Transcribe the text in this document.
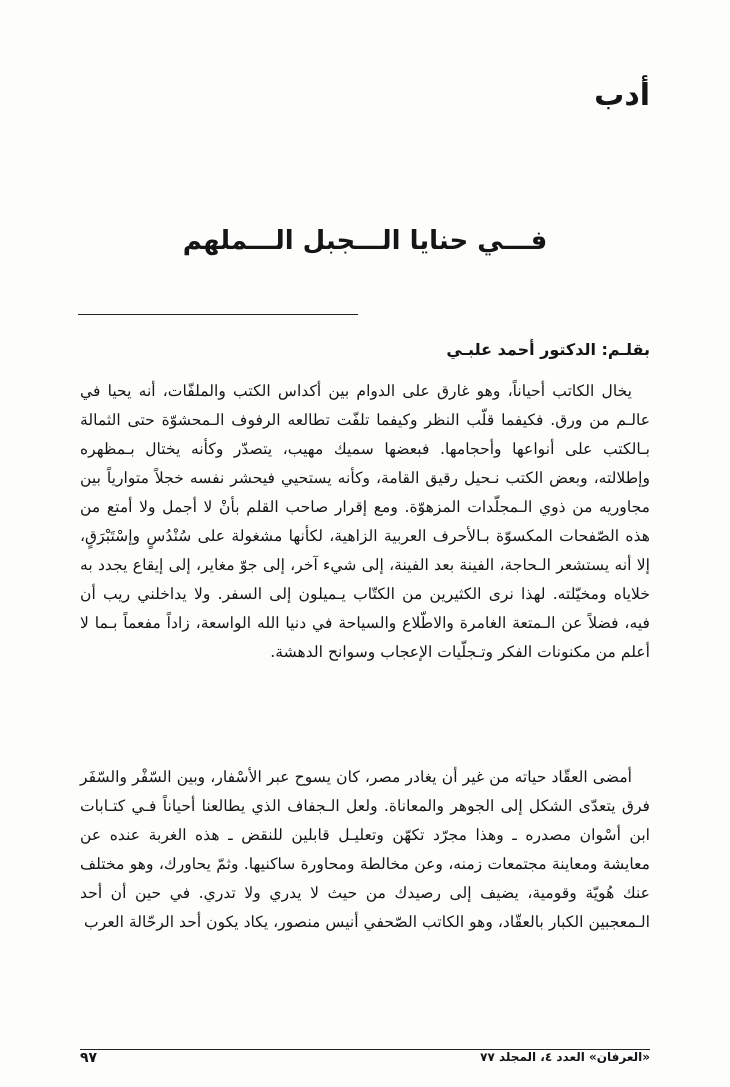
أدب
فـــي حنايا الـــجبل الـــملهم
بقلـم: الدكتور أحمد علبـي

يخال الكاتب أحياناً، وهو غارق على الدوام بين أكداس الكتب والملفّات، أنه يحيا في عالـم من ورق. فكيفما قلّب النظر وكيفما تلفّت تطالعه الرفوف الـمحشوّة حتى الثمالة بـالكتب على أنواعها وأحجامها. فبعضها سميك مهيب، يتصدّر وكأنه يختال بـمظهره وإطلالته، وبعض الكتب نـحيل رقيق القامة، وكأنه يستحيي فيحشر نفسه خجلاً متوارياً بين مجاوريه من ذوي الـمجلّدات المزهوّة. ومع إقرار صاحب القلم بأنْ لا أجمل ولا أمتع من هذه الصّفحات المكسوّة بـالأحرف العربية الزاهية، لكأنها مشغولة على سُنْدُسٍ وإسْتَبْرَقٍ، إلا أنه يستشعر الـحاجة، الفينة بعد الفينة، إلى شيء آخر، إلى جوّ مغاير، إلى إيقاع يجدد به خلاياه ومخيّلته. لهذا نرى الكثيرين من الكتّاب يـميلون إلى السفر. ولا يداخلني ريب أن فيه، فضلاً عن الـمتعة الغامرة والاطّلاع والسياحة في دنيا الله الواسعة، زاداً مفعماً بـما لا أعلم من مكنونات الفكر وتـجلّيات الإعجاب وسوانح الدهشة.

أمضى العقّاد حياته من غير أن يغادر مصر، كان يسوح عبر الأسْفار، وبين السّفْر والسّفَر فرق يتعدّى الشكل إلى الجوهر والمعاناة. ولعل الـجفاف الذي يطالعنا أحياناً فـي كتـابات ابن أسْوان مصدره ـ وهذا مجرّد تكهّن وتعليـل قابلين للنقض ـ هذه الغربة عنده عن معايشة ومعاينة مجتمعات زمنه، وعن مخالطة ومحاورة ساكنيها. وثمّ يحاورك، وهو مختلف عنك هُويّة وقومية، يضيف إلى رصيدك من حيث لا يدري ولا تدري. في حين أن أحد الـمعجبين الكبار بالعقّاد، وهو الكاتب الصّحفي أنيس منصور، يكاد يكون أحد الرحّالة العرب

«العرفان» العدد ٤، المجلد ٧٧
٩٧
